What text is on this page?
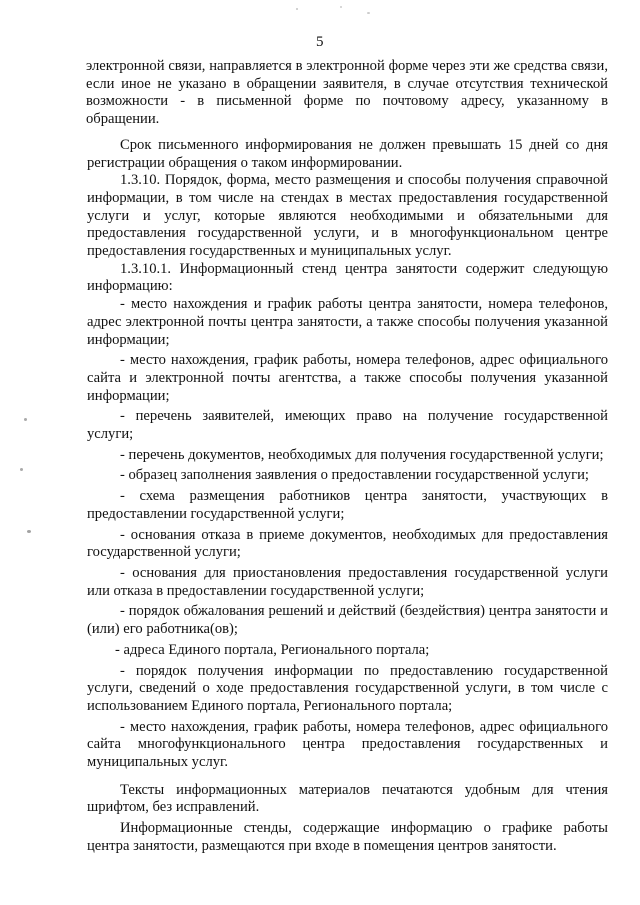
5

электронной связи, направляется в электронной форме через эти же средства связи, если иное не указано в обращении заявителя, в случае отсутствия технической возможности - в письменной форме по почтовому адресу, указанному в обращении.

Срок письменного информирования не должен превышать 15 дней со дня регистрации обращения о таком информировании.

1.3.10. Порядок, форма, место размещения и способы получения справочной информации, в том числе на стендах в местах предоставления государственной услуги и услуг, которые являются необходимыми и обязательными для предоставления государственной услуги, и в многофункциональном центре предоставления государственных и муниципальных услуг.

1.3.10.1. Информационный стенд центра занятости содержит следующую информацию:

- место нахождения и график работы центра занятости, номера телефонов, адрес электронной почты центра занятости, а также способы получения указанной информации;

- место нахождения, график работы, номера телефонов, адрес официального сайта и электронной почты агентства, а также способы получения указанной информации;

- перечень заявителей, имеющих право на получение государственной услуги;

- перечень документов, необходимых для получения государственной услуги;

- образец заполнения заявления о предоставлении государственной услуги;

- схема размещения работников центра занятости, участвующих в предоставлении государственной услуги;

- основания отказа в приеме документов, необходимых для предоставления государственной услуги;

- основания для приостановления предоставления государственной услуги или отказа в предоставлении государственной услуги;

- порядок обжалования решений и действий (бездействия) центра занятости и (или) его работника(ов);

- адреса Единого портала, Регионального портала;

- порядок получения информации по предоставлению государственной услуги, сведений о ходе предоставления государственной услуги, в том числе с использованием Единого портала, Регионального портала;

- место нахождения, график работы, номера телефонов, адрес официального сайта многофункционального центра предоставления государственных и муниципальных услуг.

Тексты информационных материалов печатаются удобным для чтения шрифтом, без исправлений.

Информационные стенды, содержащие информацию о графике работы центра занятости, размещаются при входе в помещения центров занятости.
